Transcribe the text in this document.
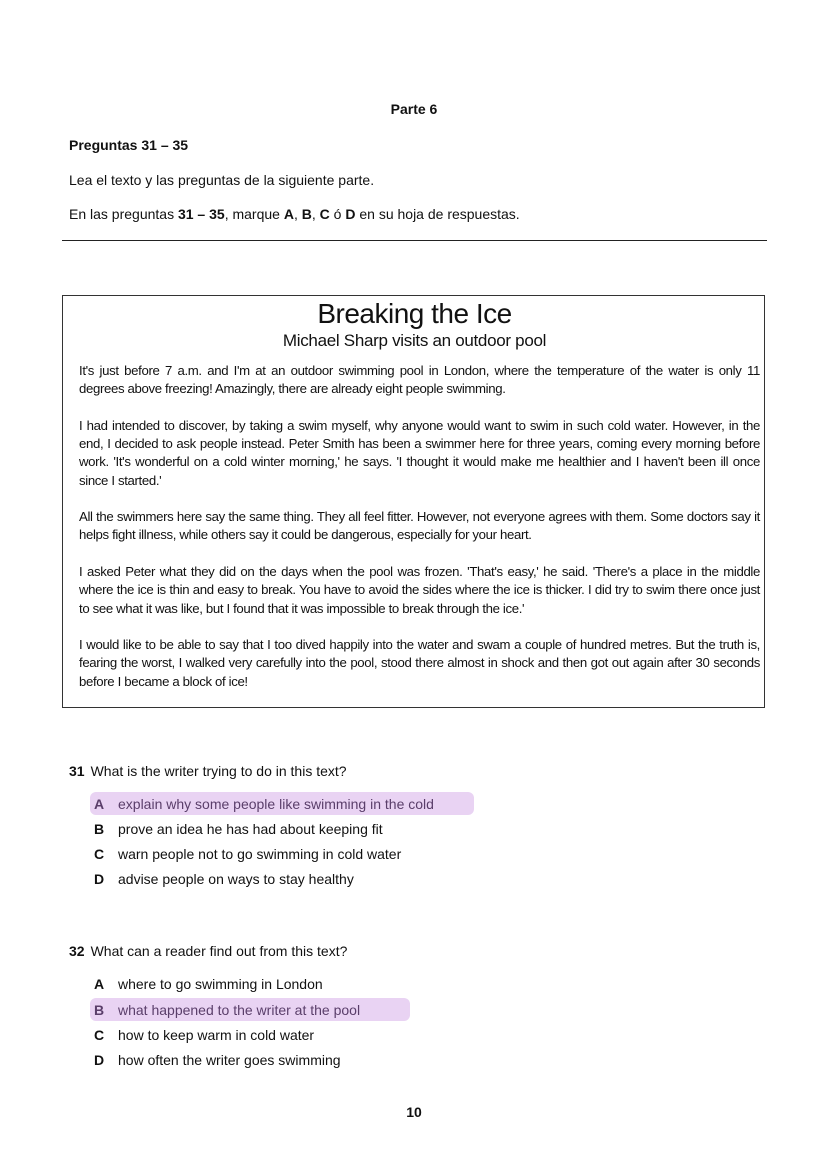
Parte 6
Preguntas 31 – 35
Lea el texto y las preguntas de la siguiente parte.
En las preguntas 31 – 35, marque A, B, C ó D en su hoja de respuestas.
Breaking the Ice
Michael Sharp visits an outdoor pool

It's just before 7 a.m. and I'm at an outdoor swimming pool in London, where the temperature of the water is only 11 degrees above freezing! Amazingly, there are already eight people swimming.

I had intended to discover, by taking a swim myself, why anyone would want to swim in such cold water. However, in the end, I decided to ask people instead. Peter Smith has been a swimmer here for three years, coming every morning before work. 'It's wonderful on a cold winter morning,' he says. 'I thought it would make me healthier and I haven't been ill once since I started.'

All the swimmers here say the same thing. They all feel fitter. However, not everyone agrees with them. Some doctors say it helps fight illness, while others say it could be dangerous, especially for your heart.

I asked Peter what they did on the days when the pool was frozen. 'That's easy,' he said. 'There's a place in the middle where the ice is thin and easy to break. You have to avoid the sides where the ice is thicker. I did try to swim there once just to see what it was like, but I found that it was impossible to break through the ice.'

I would like to be able to say that I too dived happily into the water and swam a couple of hundred metres. But the truth is, fearing the worst, I walked very carefully into the pool, stood there almost in shock and then got out again after 30 seconds before I became a block of ice!

31 What is the writer trying to do in this text?
A explain why some people like swimming in the cold
B prove an idea he has had about keeping fit
C warn people not to go swimming in cold water
D advise people on ways to stay healthy
32 What can a reader find out from this text?
A where to go swimming in London
B what happened to the writer at the pool
C how to keep warm in cold water
D how often the writer goes swimming
10
